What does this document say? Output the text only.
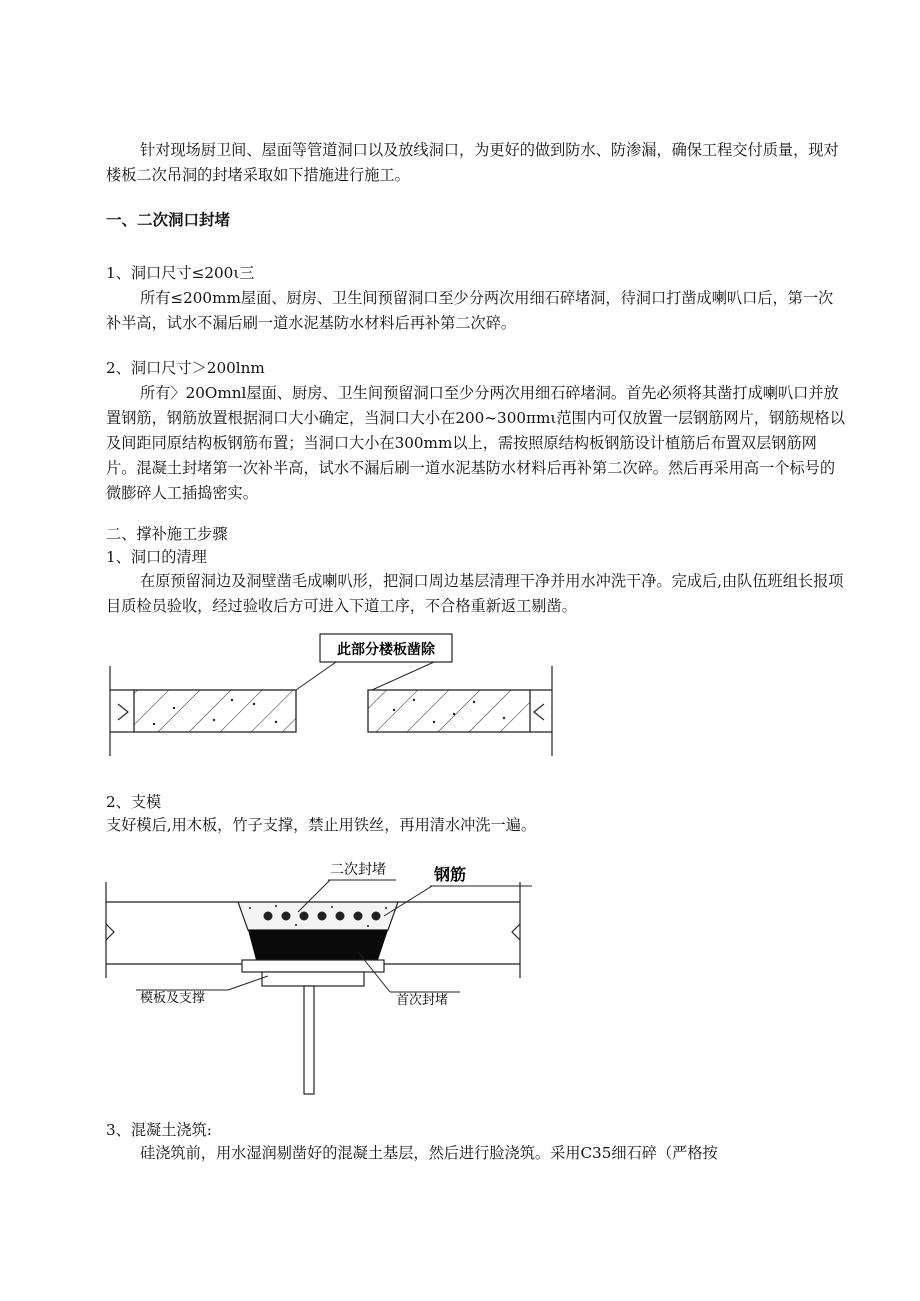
针对现场厨卫间、屋面等管道洞口以及放线洞口，为更好的做到防水、防渗漏，确保工程交付质量，现对楼板二次吊洞的封堵采取如下措施进行施工。

一、二次洞口封堵

1、洞口尺寸≤200ι三

所有≤200mm屋面、厨房、卫生间预留洞口至少分两次用细石碎堵洞，待洞口打凿成喇叭口后，第一次补半高，试水不漏后刷一道水泥基防水材料后再补第二次碎。

2、洞口尺寸＞200lnm

所有〉20Omnl屋面、厨房、卫生间预留洞口至少分两次用细石碎堵洞。首先必须将其凿打成喇叭口并放置钢筋，钢筋放置根据洞口大小确定，当洞口大小在200~300πmι范围内可仅放置一层钢筋网片，钢筋规格以及间距同原结构板钢筋布置；当洞口大小在300mm以上，需按照原结构板钢筋设计植筋后布置双层钢筋网片。混凝土封堵第一次补半高，试水不漏后刷一道水泥基防水材料后再补第二次碎。然后再采用高一个标号的微膨碎人工插捣密实。

二、撑补施工步骤

1、洞口的清理

在原预留洞边及洞壁凿毛成喇叭形，把洞口周边基层清理干净并用水冲洗干净。完成后,由队伍班组长报项目质检员验收，经过验收后方可进入下道工序，不合格重新返工剔凿。

此部分楼板凿除

2、支模

支好模后,用木板，竹子支撑，禁止用铁丝，再用清水冲洗一遍。

二次封堵	钢筋
模板及支撑	首次封堵

3、混凝土浇筑:

硅浇筑前，用水湿润剔凿好的混凝土基层，然后进行脸浇筑。采用C35细石碎（严格按
